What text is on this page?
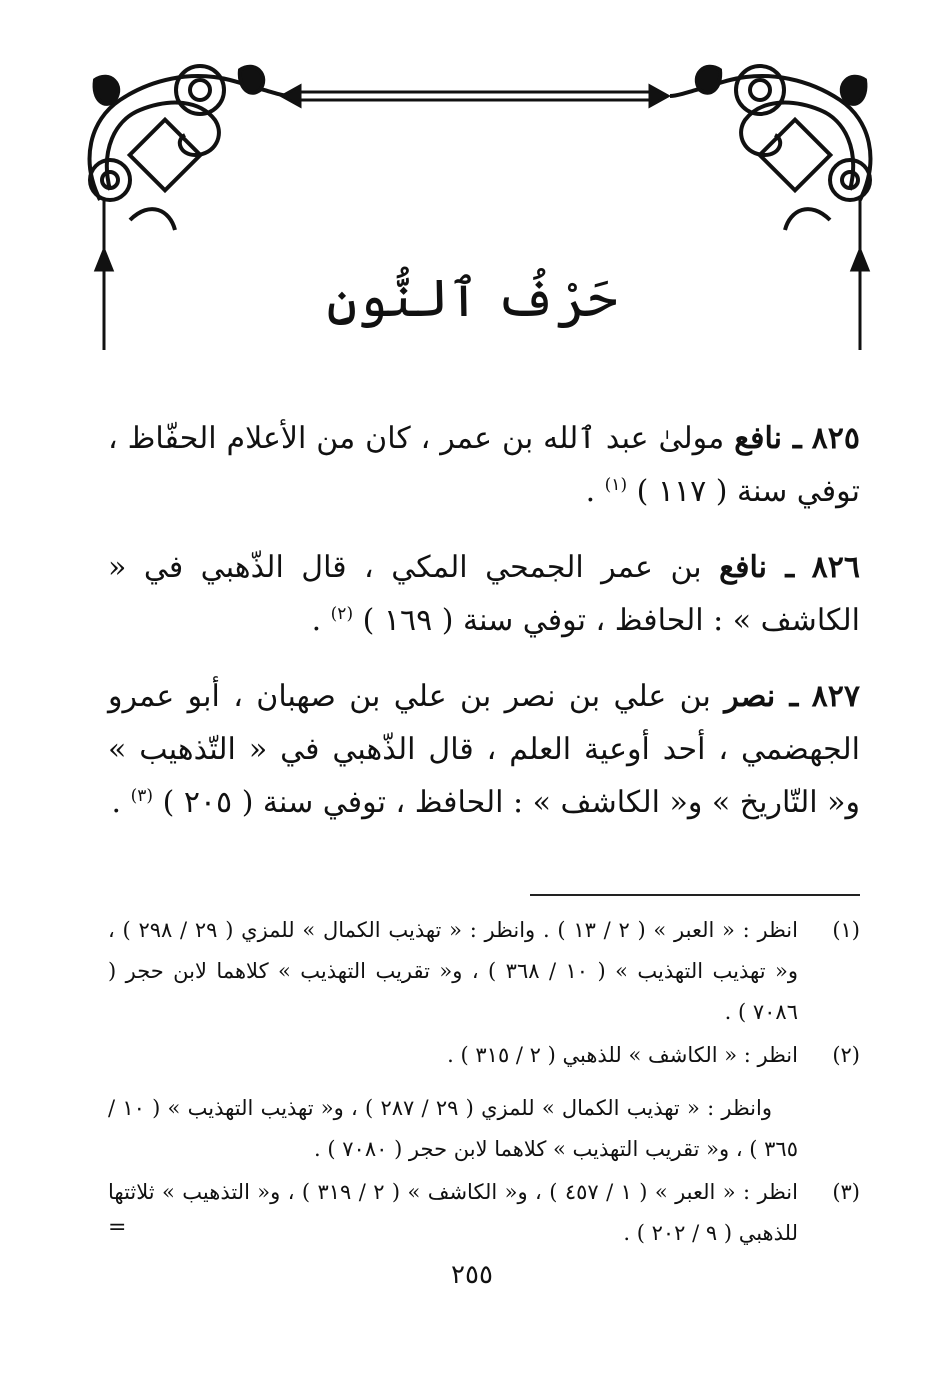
حَرْفُ ٱلنُّونِ

٨٢٥ ـ نافع مولىٰ عبد ٱلله بن عمر ، كان من الأعلام الحفّاظ ، توفي سنة ( ١١٧ ) $^{(١)}$ .

٨٢٦ ـ نافع بن عمر الجمحي المكي ، قال الذّهبي في « الكاشف » : الحافظ ، توفي سنة ( ١٦٩ ) $^{(٢)}$ .

٨٢٧ ـ نصر بن علي بن نصر بن علي بن صهبان ، أبو عمرو الجهضمي ، أحد أوعية العلم ، قال الذّهبي في « التّذهيب » و« التّاريخ » و« الكاشف » : الحافظ ، توفي سنة ( ٢٠٥ ) $^{(٣)}$ .

(١)
انظر : « العبر » ( ٢ / ١٣ ) . وانظر : « تهذيب الكمال » للمزي ( ٢٩ / ٢٩٨ ) ، و« تهذيب التهذيب » ( ١٠ / ٣٦٨ ) ، و« تقريب التهذيب » كلاهما لابن حجر ( ٧٠٨٦ ) .
(٢)
انظر : « الكاشف » للذهبي ( ٢ / ٣١٥ ) .
وانظر : « تهذيب الكمال » للمزي ( ٢٩ / ٢٨٧ ) ، و« تهذيب التهذيب » ( ١٠ / ٣٦٥ ) ، و« تقريب التهذيب » كلاهما لابن حجر ( ٧٠٨٠ ) .
(٣)
انظر : « العبر » ( ١ / ٤٥٧ ) ، و« الكاشف » ( ٢ / ٣١٩ ) ، و« التذهيب » ثلاثتها للذهبي ( ٩ / ٢٠٢ ) .
=
٢٥٥
